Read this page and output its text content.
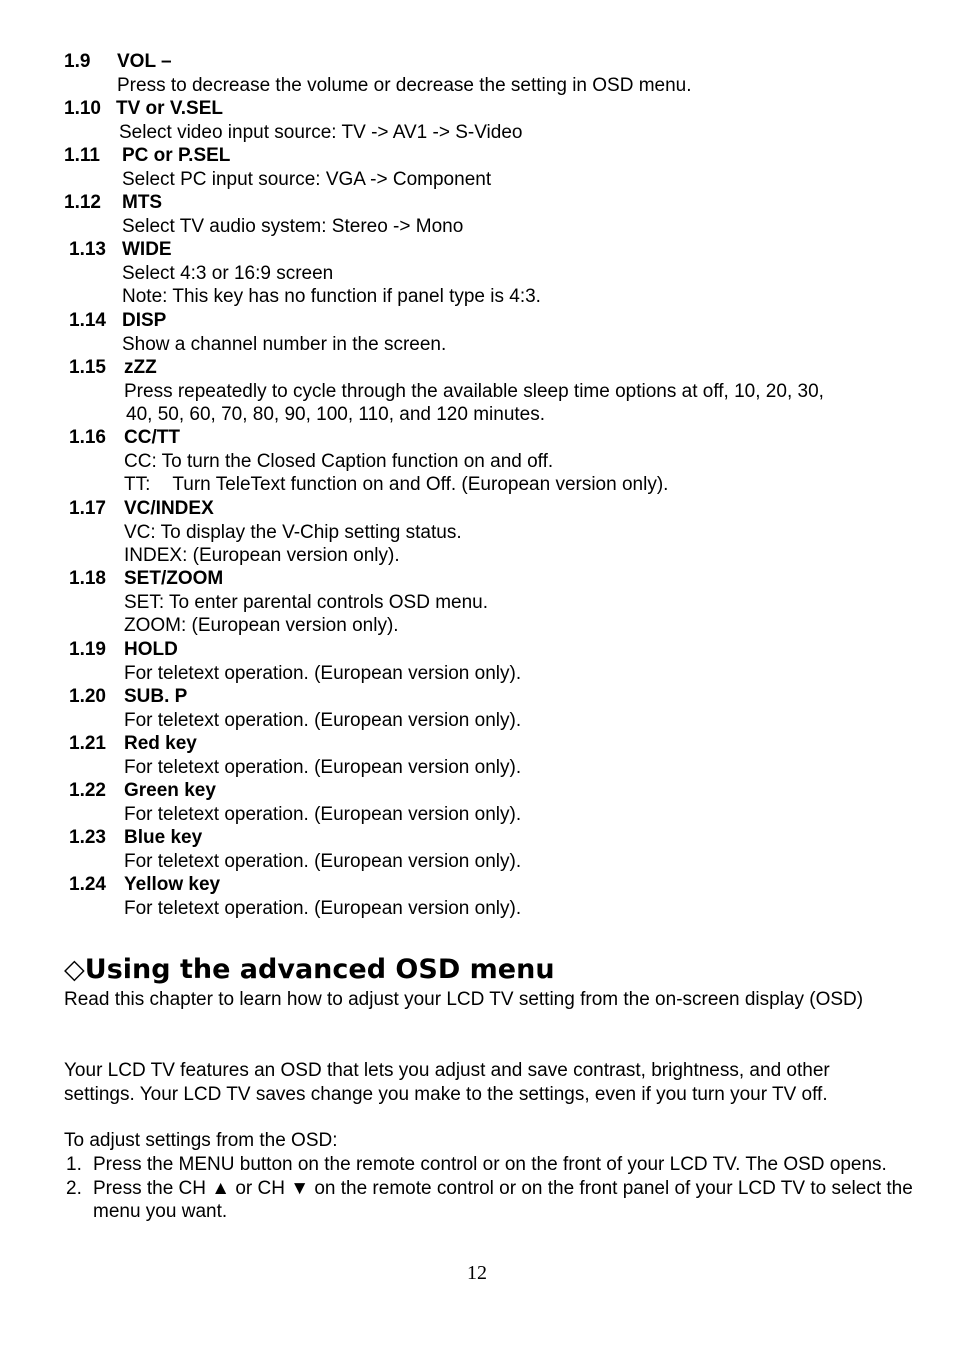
1.9 VOL –
Press to decrease the volume or decrease the setting in OSD menu.
1.10 TV or V.SEL
Select video input source: TV -> AV1 -> S-Video
1.11 PC or P.SEL
Select PC input source: VGA -> Component
1.12 MTS
Select TV audio system: Stereo -> Mono
1.13 WIDE
Select 4:3 or 16:9 screen
Note: This key has no function if panel type is 4:3.
1.14 DISP
Show a channel number in the screen.
1.15 zZZ
Press repeatedly to cycle through the available sleep time options at off, 10, 20, 30,
40, 50, 60, 70, 80, 90, 100, 110, and 120 minutes.
1.16 CC/TT
CC: To turn the Closed Caption function on and off.
TT: Turn TeleText function on and Off. (European version only).
1.17 VC/INDEX
VC: To display the V-Chip setting status.
INDEX: (European version only).
1.18 SET/ZOOM
SET: To enter parental controls OSD menu.
ZOOM: (European version only).
1.19 HOLD
For teletext operation. (European version only).
1.20 SUB. P
For teletext operation. (European version only).
1.21 Red key
For teletext operation. (European version only).
1.22 Green key
For teletext operation. (European version only).
1.23 Blue key
For teletext operation. (European version only).
1.24 Yellow key
For teletext operation. (European version only).
◇Using the advanced OSD menu
Read this chapter to learn how to adjust your LCD TV setting from the on-screen display (OSD)
Your LCD TV features an OSD that lets you adjust and save contrast, brightness, and other settings. Your LCD TV saves change you make to the settings, even if you turn your TV off.
To adjust settings from the OSD:
1. Press the MENU button on the remote control or on the front of your LCD TV. The OSD opens.
2. Press the CH ▲ or CH ▼ on the remote control or on the front panel of your LCD TV to select the menu you want.
12
